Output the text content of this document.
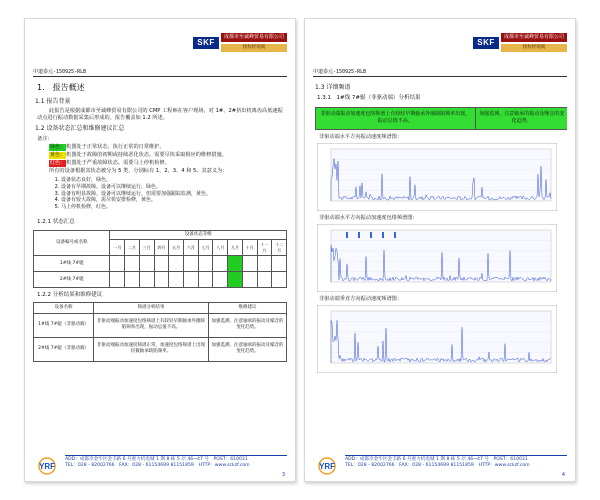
SKF
成都市至诚峰贸易有限公司
授权经销商
中道泰元-150925-RLB
1.　报告概述
1.1 报告背景

此报告是根据成都市至诚峰贸易有限公司的 CMP 工程师在客户现场，对 1#、2#挤出机离齿高低速振动点进行振动数据采集后形成的。报告覆盖如 1.2 所述。

1.2 设备状态汇总和维修建议汇总
备注：
绿色： 机器处于正常状态，执行正常的日常维护。
黄色： 机器处于故障的初期或持续恶化状态。需要尽快采取相应的维修措施。
红色： 机器处于严重故障状态。需要马上停机检修。

所有的设备根据其状态被分为 5 类，分别标有 1、2、3、4 和 5。其意义为：

1. 设备状态良好，绿色。
2. 设备有早期故障。设备可以继续运行，绿色。
3. 设备有明显故障。设备可以继续运行，但需要加强跟踪监测，黄色。
4. 设备有较大故障，需尽快安排检修，黄色。
5. 马上停机检修，红色。
1.2.1 状态汇总
设备编号或名称	设备状态等级											
	一月	二月	三月	四月	五月	六月	七月	八月	九月	十月	十一月	十二月
1#线 7#辊												
2#线 7#辊												
1.2.2 分析结果和维修建议
设备名称	频谱分析结果	维修建议
1#线 7#辊（非驱动端）	非驱动端振动加速度包络频谱上有较轻早期轴承外圈缺陷频率出现，振动总值不高。	加强监测，注意轴承的振动及噪音的变化趋势。
2#线 7#辊（非驱动端）	非驱动端振动加速度频谱正常，加速度包络频谱上出现轻微轴承缺陷频率。	加强监测，注意轴承的振动及噪音的变化趋势。
YRF
ADD：成都市金牛区金丰路 6 号惠力机电城 1 期 8 栋 5 层 46~47 号　POST：610031
TEL：028 - 82002766　FAX：028 - 61154699 81151859　HTTP：www.sckzf.com
3
SKF
成都市至诚峰贸易有限公司
授权经销商
中道泰元-150925-RLB
1.3 详细频谱
1.3.1　1#线 7#辊（非驱动端）分析结果
非驱动端振动加速度包络频谱上有较轻早期轴承外圈缺陷频率出现，振动总值不高。	加强监测，注意轴承的振动及噪音的变化趋势。
非驱动端水平方向振动速度频谱图：
非驱动端水平方向振动加速度包络频谱图：
非驱动端垂直方向振动速度频谱图：
YRF
ADD：成都市金牛区金丰路 6 号惠力机电城 1 期 8 栋 5 层 46~47 号　POST：610031
TEL：028 - 82002766　FAX：028 - 61154699 81151859　HTTP：www.sckzf.com
4
